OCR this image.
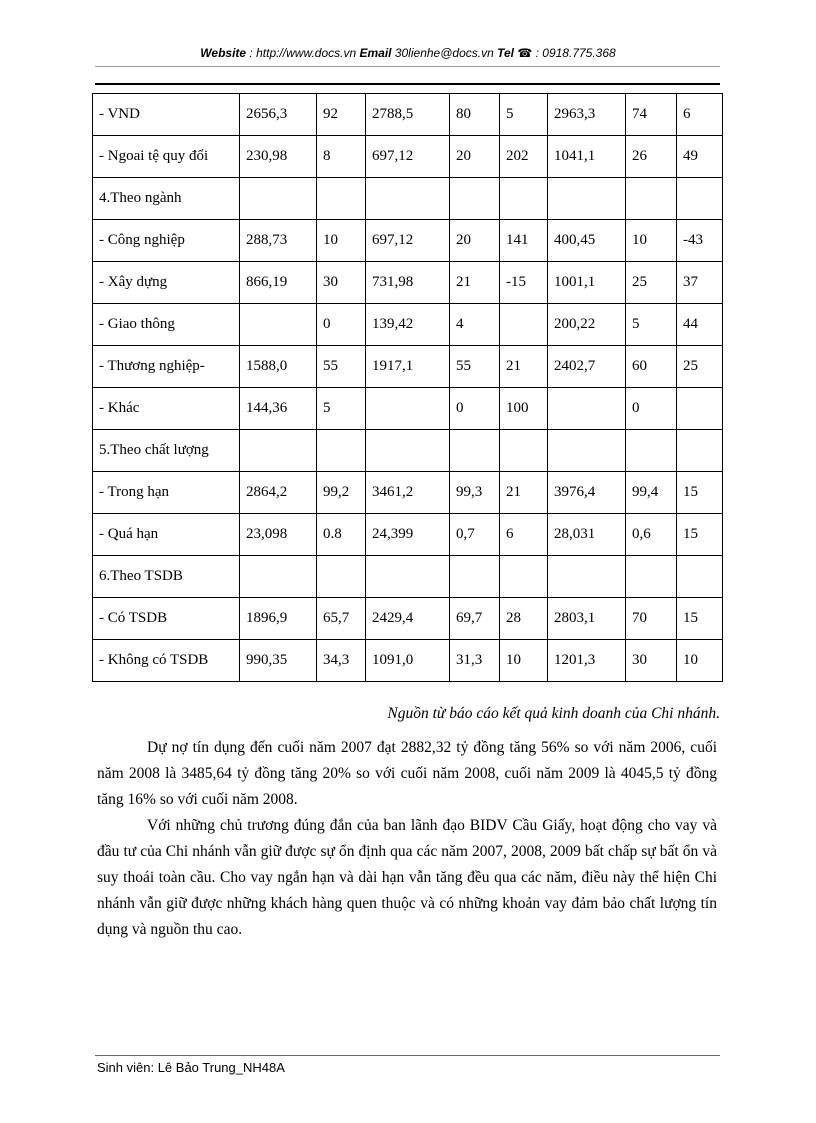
Website : http://www.docs.vn Email 30lienhe@docs.vn Tel ☎ : 0918.775.368
- VND	2656,3	92	2788,5	80	5	2963,3	74	6
- Ngoai tệ quy đổi	230,98	8	697,12	20	202	1041,1	26	49
4.Theo ngành								
- Công nghiệp	288,73	10	697,12	20	141	400,45	10	-43
- Xây dựng	866,19	30	731,98	21	-15	1001,1	25	37
- Giao thông		0	139,42	4		200,22	5	44
- Thương nghiệp-	1588,0	55	1917,1	55	21	2402,7	60	25
- Khác	144,36	5		0	100		0	
5.Theo chất lượng								
- Trong hạn	2864,2	99,2	3461,2	99,3	21	3976,4	99,4	15
- Quá hạn	23,098	0.8	24,399	0,7	6	28,031	0,6	15
6.Theo TSDB								
- Có TSDB	1896,9	65,7	2429,4	69,7	28	2803,1	70	15
- Không có TSDB	990,35	34,3	1091,0	31,3	10	1201,3	30	10
Nguồn từ báo cáo kết quả kinh doanh của Chi nhánh.

Dự nợ tín dụng đến cuối năm 2007 đạt 2882,32 tỷ đồng tăng 56% so với năm 2006, cuối năm 2008 là 3485,64 tỷ đồng tăng 20% so với cuối năm 2008, cuối năm 2009 là 4045,5 tỷ đồng tăng 16% so với cuối năm 2008.

Với những chủ trương đúng đắn của ban lãnh đạo BIDV Cầu Giấy, hoạt động cho vay và đầu tư của Chi nhánh vẫn giữ được sự ổn định qua các năm 2007, 2008, 2009 bất chấp sự bất ổn và suy thoái toàn cầu. Cho vay ngắn hạn và dài hạn vẫn tăng đều qua các năm, điều này thể hiện Chi nhánh vẫn giữ được những khách hàng quen thuộc và có những khoản vay đảm bảo chất lượng tín dụng và nguồn thu cao.

Sinh viên: Lê Bảo Trung_NH48A
